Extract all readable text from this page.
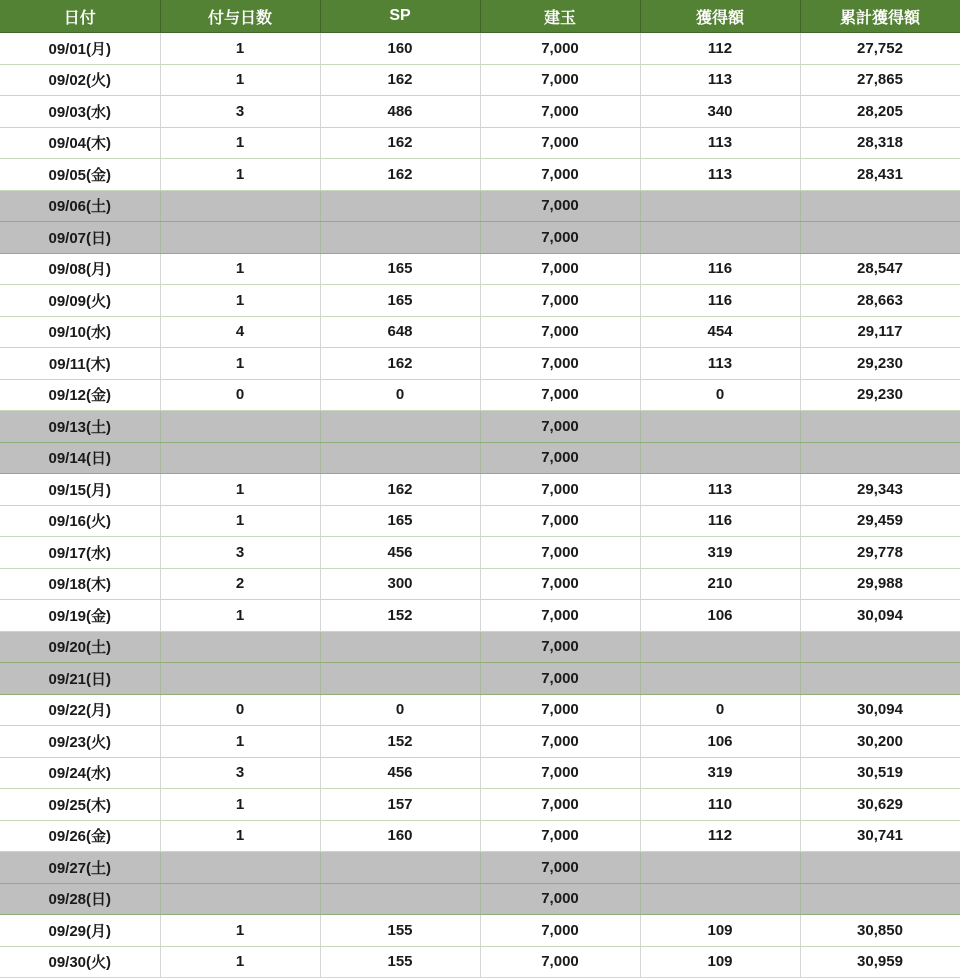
日付	付与日数	SP	建玉	獲得額	累計獲得額
09/01(月)	1	160	7,000	112	27,752
09/02(火)	1	162	7,000	113	27,865
09/03(水)	3	486	7,000	340	28,205
09/04(木)	1	162	7,000	113	28,318
09/05(金)	1	162	7,000	113	28,431
09/06(土)			7,000		
09/07(日)			7,000		
09/08(月)	1	165	7,000	116	28,547
09/09(火)	1	165	7,000	116	28,663
09/10(水)	4	648	7,000	454	29,117
09/11(木)	1	162	7,000	113	29,230
09/12(金)	0	0	7,000	0	29,230
09/13(土)			7,000		
09/14(日)			7,000		
09/15(月)	1	162	7,000	113	29,343
09/16(火)	1	165	7,000	116	29,459
09/17(水)	3	456	7,000	319	29,778
09/18(木)	2	300	7,000	210	29,988
09/19(金)	1	152	7,000	106	30,094
09/20(土)			7,000		
09/21(日)			7,000		
09/22(月)	0	0	7,000	0	30,094
09/23(火)	1	152	7,000	106	30,200
09/24(水)	3	456	7,000	319	30,519
09/25(木)	1	157	7,000	110	30,629
09/26(金)	1	160	7,000	112	30,741
09/27(土)			7,000		
09/28(日)			7,000		
09/29(月)	1	155	7,000	109	30,850
09/30(火)	1	155	7,000	109	30,959
